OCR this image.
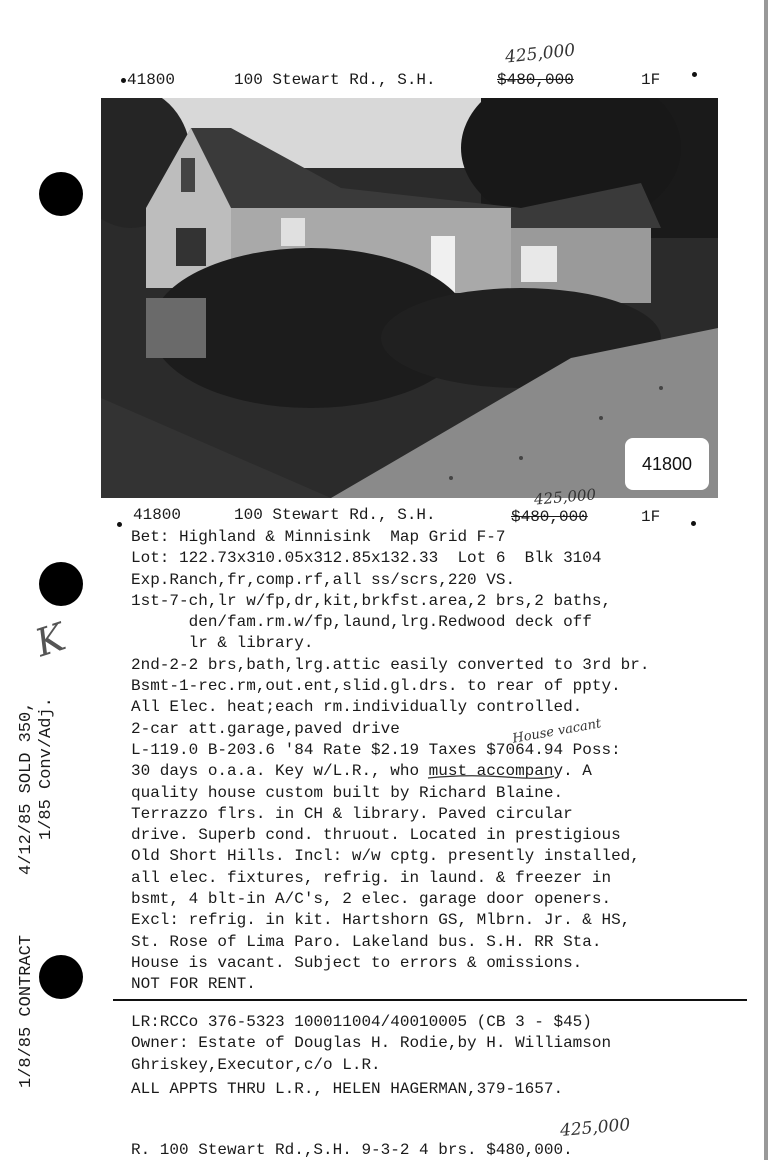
41800	100 Stewart Rd., S.H.	$480,000
425,000
1F
41800
41800	100 Stewart Rd., S.H.	$480,000
425,000
1F
Bet: Highland & Minnisink  Map Grid F-7
Lot: 122.73x310.05x312.85x132.33  Lot 6  Blk 3104
Exp.Ranch,fr,comp.rf,all ss/scrs,220 VS.
1st-7-ch,lr w/fp,dr,kit,brkfst.area,2 brs,2 baths,
den/fam.rm.w/fp,laund,lrg.Redwood deck off
lr & library.
2nd-2-2 brs,bath,lrg.attic easily converted to 3rd br.
Bsmt-1-rec.rm,out.ent,slid.gl.drs. to rear of ppty.
All Elec. heat;each rm.individually controlled.
2-car att.garage,paved drive
L-119.0 B-203.6 '84 Rate $2.19 Taxes $7064.94 Poss:
30 days o.a.a. Key w/L.R., who must accompany. A
quality house custom built by Richard Blaine.
Terrazzo flrs. in CH & library. Paved circular
drive. Superb cond. thruout. Located in prestigious
Old Short Hills. Incl: w/w cptg. presently installed,
all elec. fixtures, refrig. in laund. & freezer in
bsmt, 4 blt-in A/C's, 2 elec. garage door openers.
Excl: refrig. in kit. Hartshorn GS, Mlbrn. Jr. & HS,
St. Rose of Lima Paro. Lakeland bus. S.H. RR Sta.
House is vacant. Subject to errors & omissions.
NOT FOR RENT.
House vacant
LR:RCCo 376-5323 100011004/40010005 (CB 3 - $45)
Owner: Estate of Douglas H. Rodie,by H. Williamson
Ghriskey,Executor,c/o L.R.
ALL APPTS THRU L.R., HELEN HAGERMAN,379-1657.
R. 100 Stewart Rd.,S.H. 9-3-2 4 brs. $480,000.
425,000
1/8/85 CONTRACT
4/12/85 SOLD 350, 1/85 Conv/Adj.
K
